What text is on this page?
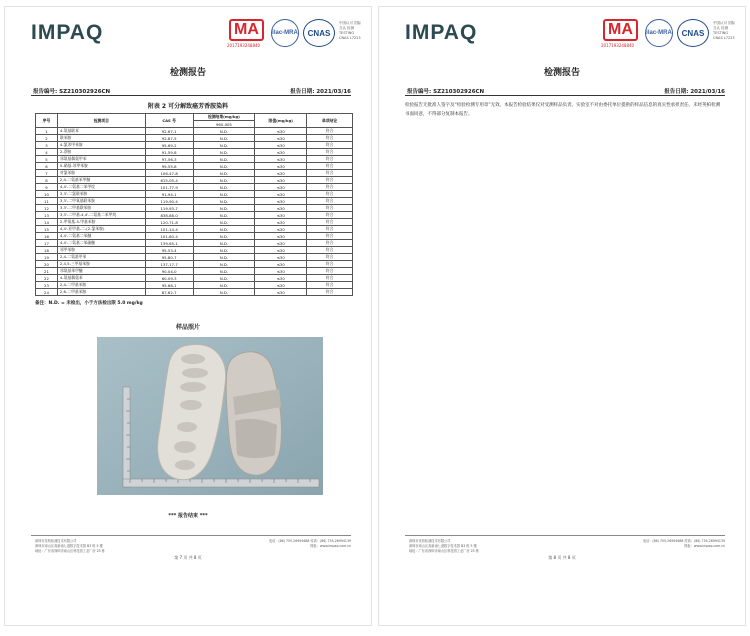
IMPAQ	MA
2017193248840
ilac-MRA	CNAS
中国认可 国际互认 检测 TESTING CNAS L7223
检测报告
报告编号: SZ210302926CN	报告日期: 2021/03/16
附表 2 可分解致癌芳香胺染料
序号	检测项目	CAS 号	检测结果(mg/kg)	限值(mg/kg)	单项结论
			960-005		
1	4-氨基联苯	92-67-1	N.D.	≤30	符合
2	联苯胺	92-87-5	N.D.	≤30	符合
3	4-氯邻甲苯胺	95-69-2	N.D.	≤30	符合
4	2-萘胺	91-59-8	N.D.	≤30	符合
5	邻氨基偶氮甲苯	97-56-3	N.D.	≤30	符合
6	5-硝基-邻甲苯胺	99-55-8	N.D.	≤30	符合
7	对氯苯胺	106-47-8	N.D.	≤30	符合
8	2,4-二氨基苯甲醚	615-05-4	N.D.	≤30	符合
9	4,4'-二氨基二苯甲烷	101-77-9	N.D.	≤30	符合
10	3,3'-二氯联苯胺	91-94-1	N.D.	≤30	符合
11	3,3'-二甲氧基联苯胺	119-90-4	N.D.	≤30	符合
12	3,3'-二甲基联苯胺	119-93-7	N.D.	≤30	符合
13	3,3'-二甲基-4,4'-二氨基二苯甲烷	838-88-0	N.D.	≤30	符合
14	2-甲氧基-5-甲基苯胺	120-71-8	N.D.	≤30	符合
15	4,4'-亚甲基-二-(2-氯苯胺)	101-14-4	N.D.	≤30	符合
16	4,4'-二氨基二苯醚	101-80-4	N.D.	≤30	符合
17	4,4'-二氨基二苯硫醚	139-65-1	N.D.	≤30	符合
18	邻甲苯胺	95-53-4	N.D.	≤30	符合
19	2,4-二氨基甲苯	95-80-7	N.D.	≤30	符合
20	2,4,5-三甲基苯胺	137-17-7	N.D.	≤30	符合
21	邻氨基苯甲醚	90-04-0	N.D.	≤30	符合
22	4-氨基偶氮苯	60-09-3	N.D.	≤30	符合
23	2,4-二甲基苯胺	95-68-1	N.D.	≤30	符合
24	2,6-二甲基苯胺	87-62-7	N.D.	≤30	符合
备注：N.D. = 未检出，小于方法检出限 5.0 mg/kg
样品照片
*** 报告结束 ***
深圳市英柏检测技术有限公司	电话：(86) 755-26994688 传真：(86) 755-26994139
深圳市南山区高新南七道数字技术园 B3 栋 5 楼	网址：www.impaq.com.cn
地址：广东省深圳市南山区科技园工业厂房 25 栋
第 7 页 共 8 页
IMPAQ	MA
2017193248840
ilac-MRA	CNAS
中国认可 国际互认 检测 TESTING CNAS L7223
检测报告
报告编号: SZ210302926CN	报告日期: 2021/03/16
检验报告无批准人签字及“检验检测专用章”无效。本报告检验结果仅对受测样品负责。实验室不对由委托单位提供的样品信息的真实性承担责任。未经英柏检测书面同意，不得部分复制本报告。
深圳市英柏检测技术有限公司	电话：(86) 755-26994688 传真：(86) 755-26994139
深圳市南山区高新南七道数字技术园 B3 栋 5 楼	网址：www.impaq.com.cn
地址：广东省深圳市南山区科技园工业厂房 25 栋
第 8 页 共 8 页
